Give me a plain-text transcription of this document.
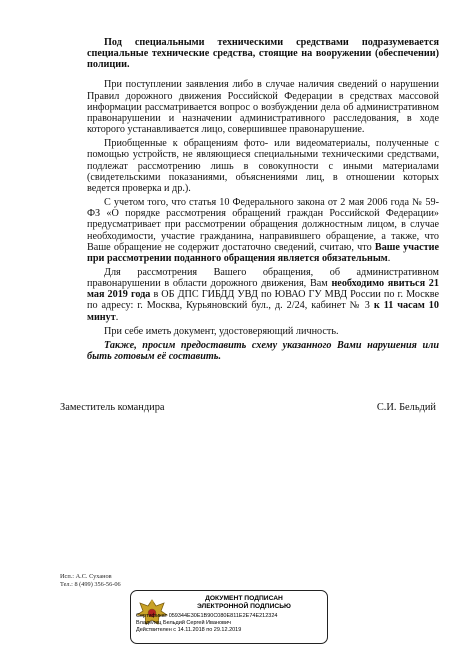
Под специальными техническими средствами подразумевается специальные технические средства, стоящие на вооружении (обеспечении) полиции.

При поступлении заявления либо в случае наличия сведений о нарушении Правил дорожного движения Российской Федерации в средствах массовой информации рассматривается вопрос о возбуждении дела об административном правонарушении и назначении административного расследования, в ходе которого устанавливается лицо, совершившее правонарушение.

Приобщенные к обращениям фото- или видеоматериалы, полученные с помощью устройств, не являющиеся специальными техническими средствами, подлежат рассмотрению лишь в совокупности с иными материалами (свидетельскими показаниями, объяснениями лиц, в отношении которых ведется проверка и др.).

С учетом того, что статья 10 Федерального закона от 2 мая 2006 года № 59-ФЗ «О порядке рассмотрения обращений граждан Российской Федерации» предусматривает при рассмотрении обращения должностным лицом, в случае необходимости, участие гражданина, направившего обращение, а также, что Ваше обращение не содержит достаточно сведений, считаю, что Ваше участие при рассмотрении поданного обращения является обязательным.

Для рассмотрения Вашего обращения, об административном правонарушении в области дорожного движения, Вам необходимо явиться 21 мая 2019 года в ОБ ДПС ГИБДД УВД по ЮВАО ГУ МВД России по г. Москве по адресу: г. Москва, Курьяновский бул., д. 2/24, кабинет № 3 к 11 часам 10 минут.

При себе иметь документ, удостоверяющий личность.

Также, просим предоставить схему указанного Вами нарушения или быть готовым её составить.

Заместитель командира	С.И. Бельдий
Исп.: А.С. Суханов
Тел.: 8 (499) 356-56-06
ДОКУМЕНТ ПОДПИСАН
ЭЛЕКТРОННОЙ ПОДПИСЬЮ
Сертификат 059344E30E1B90C080E811E2E74E212324
Владелец Бельдий Сергей Иванович
Действителен с 14.11.2018 по 29.12.2019
